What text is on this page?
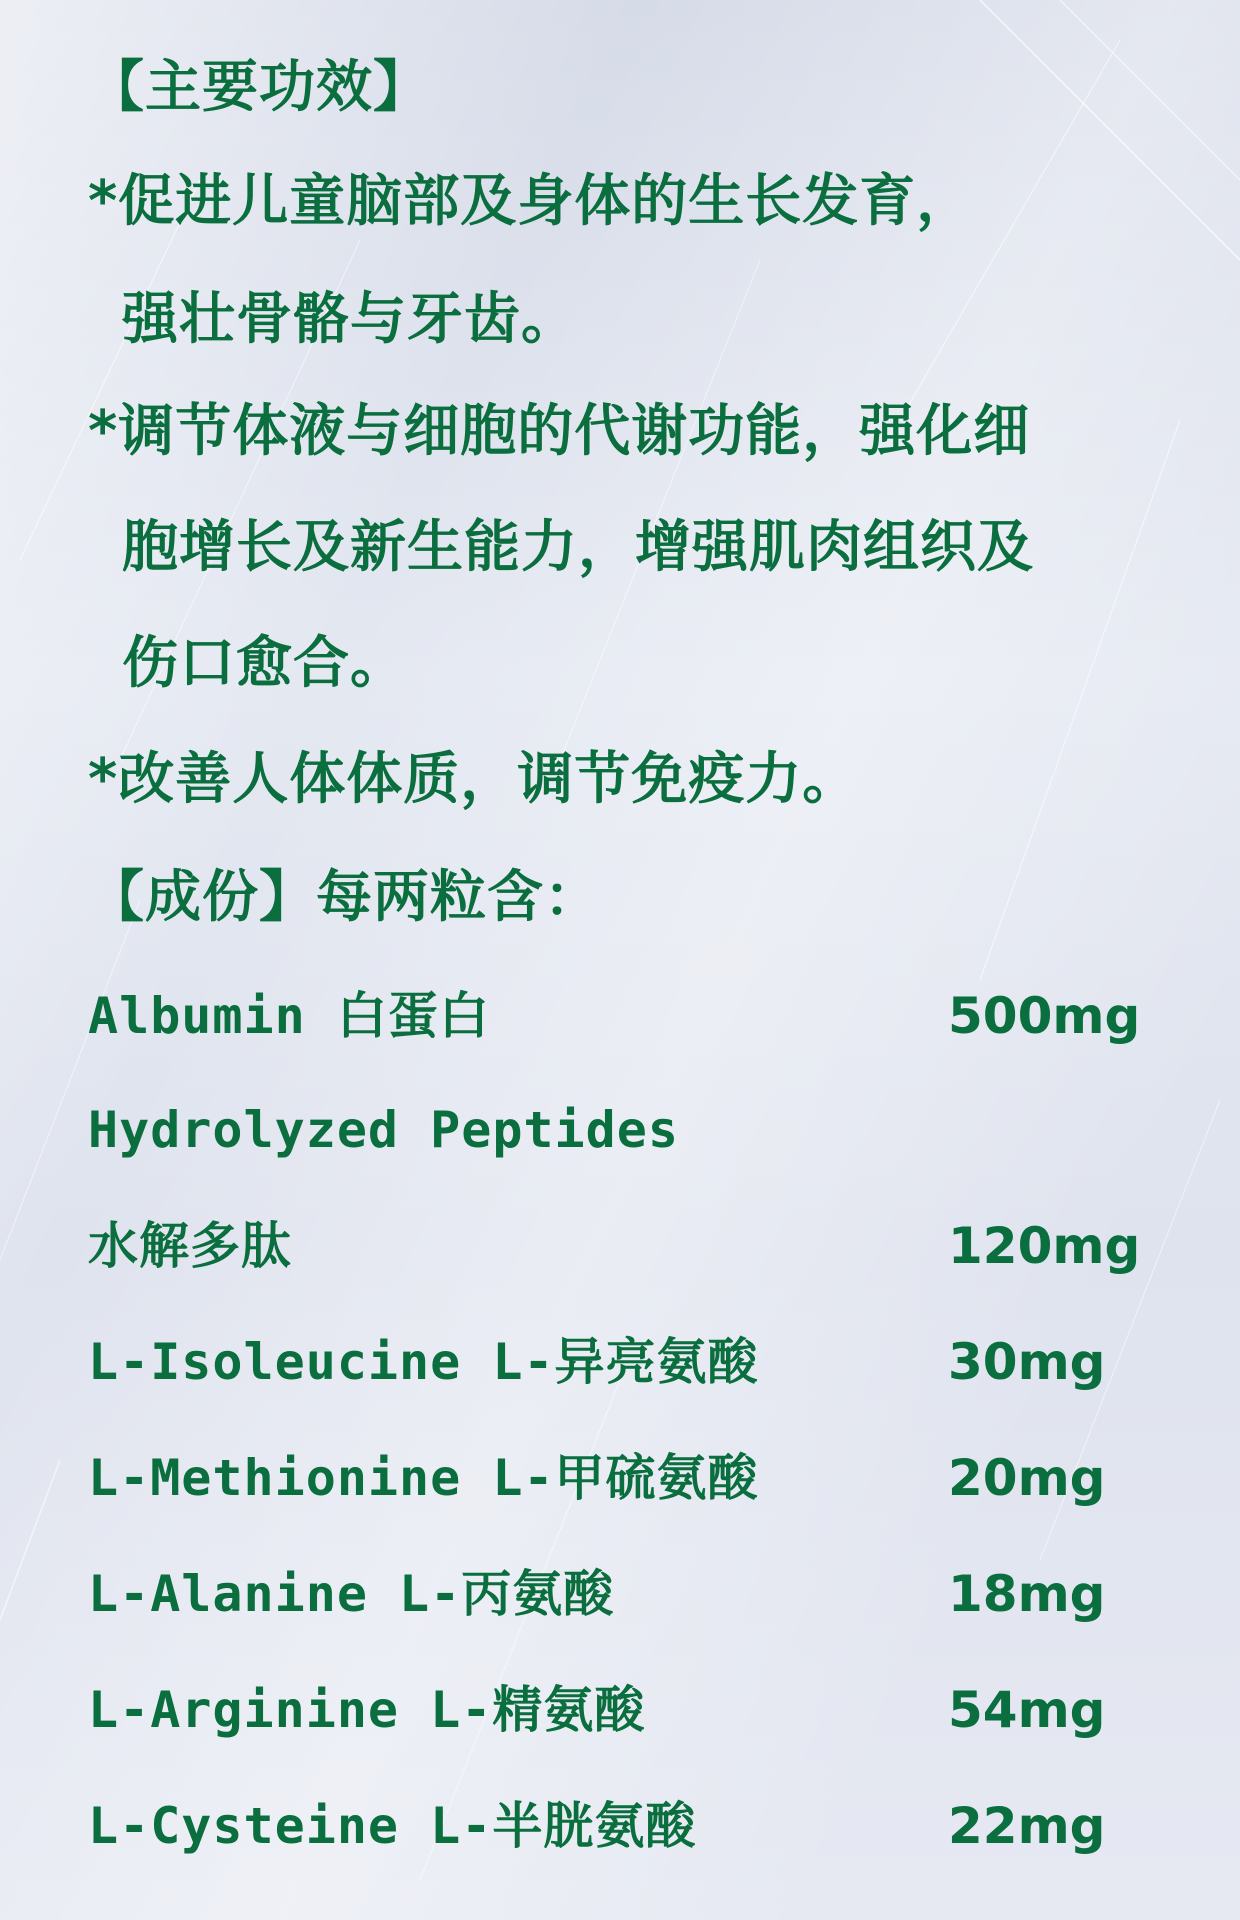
【主要功效】
*促进儿童脑部及身体的生长发育，
强壮骨骼与牙齿。
*调节体液与细胞的代谢功能，强化细
胞增长及新生能力，增强肌肉组织及
伤口愈合。
*改善人体体质，调节免疫力。
【成份】每两粒含：
Albumin 白蛋白	500mg
Hydrolyzed Peptides
水解多肽	120mg
L-Isoleucine L-异亮氨酸	30mg
L-Methionine L-甲硫氨酸	20mg
L-Alanine L-丙氨酸	18mg
L-Arginine L-精氨酸	54mg
L-Cysteine L-半胱氨酸	22mg
